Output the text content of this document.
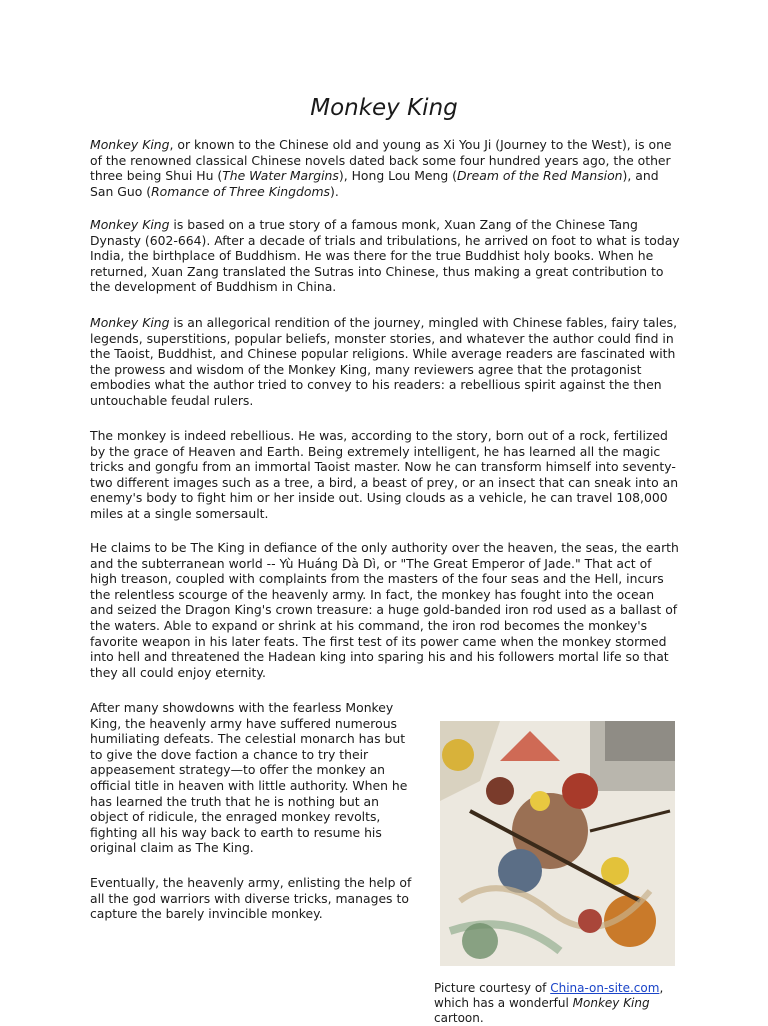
Monkey King

Monkey King, or known to the Chinese old and young as Xi You Ji (Journey to the West), is one of the renowned classical Chinese novels dated back some four hundred years ago, the other three being Shui Hu (The Water Margins), Hong Lou Meng (Dream of the Red Mansion), and San Guo (Romance of Three Kingdoms).

Monkey King is based on a true story of a famous monk, Xuan Zang of the Chinese Tang Dynasty (602-664). After a decade of trials and tribulations, he arrived on foot to what is today India, the birthplace of Buddhism. He was there for the true Buddhist holy books. When he returned, Xuan Zang translated the Sutras into Chinese, thus making a great contribution to the development of Buddhism in China.

Monkey King is an allegorical rendition of the journey, mingled with Chinese fables, fairy tales, legends, superstitions, popular beliefs, monster stories, and whatever the author could find in the Taoist, Buddhist, and Chinese popular religions. While average readers are fascinated with the prowess and wisdom of the Monkey King, many reviewers agree that the protagonist embodies what the author tried to convey to his readers: a rebellious spirit against the then untouchable feudal rulers.

The monkey is indeed rebellious. He was, according to the story, born out of a rock, fertilized by the grace of Heaven and Earth. Being extremely intelligent, he has learned all the magic tricks and gongfu from an immortal Taoist master. Now he can transform himself into seventy-two different images such as a tree, a bird, a beast of prey, or an insect that can sneak into an enemy's body to fight him or her inside out. Using clouds as a vehicle, he can travel 108,000 miles at a single somersault.

He claims to be The King in defiance of the only authority over the heaven, the seas, the earth and the subterranean world -- Yù Huáng Dà Dì, or "The Great Emperor of Jade." That act of high treason, coupled with complaints from the masters of the four seas and the Hell, incurs the relentless scourge of the heavenly army. In fact, the monkey has fought into the ocean and seized the Dragon King's crown treasure: a huge gold-banded iron rod used as a ballast of the waters. Able to expand or shrink at his command, the iron rod becomes the monkey's favorite weapon in his later feats. The first test of its power came when the monkey stormed into hell and threatened the Hadean king into sparing his and his followers mortal life so that they all could enjoy eternity.

After many showdowns with the fearless Monkey King, the heavenly army have suffered numerous humiliating defeats. The celestial monarch has but to give the dove faction a chance to try their appeasement strategy—to offer the monkey an official title in heaven with little authority. When he has learned the truth that he is nothing but an object of ridicule, the enraged monkey revolts, fighting all his way back to earth to resume his original claim as The King.

Eventually, the heavenly army, enlisting the help of all the god warriors with diverse tricks, manages to capture the barely invincible monkey.

Picture courtesy of China-on-site.com, which has a wonderful Monkey King cartoon.
